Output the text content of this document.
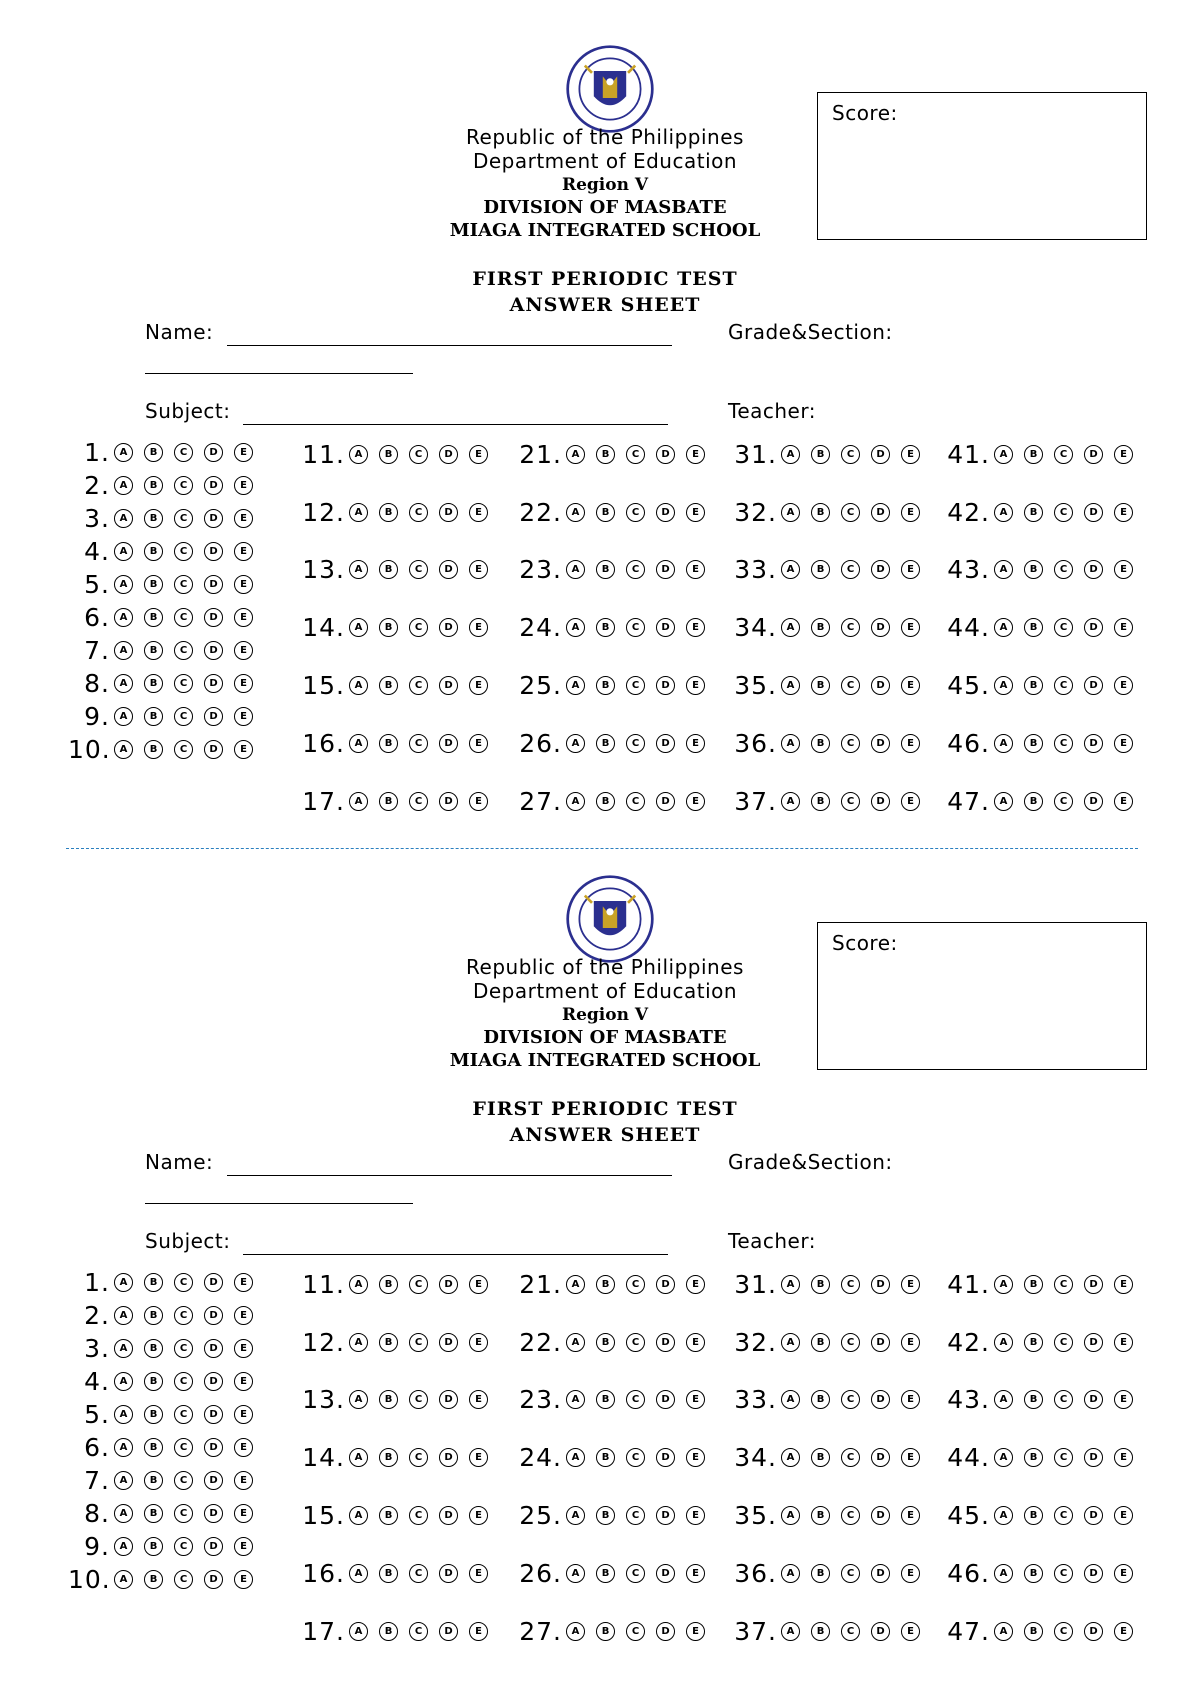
Republic of the Philippines
Department of Education
Region V
DIVISION OF MASBATE
MIAGA INTEGRATED SCHOOL
Score:
FIRST PERIODIC TEST
ANSWER SHEET
Name:	Grade&Section:
Subject:	Teacher:
1. A	B	C	D	E
2. A	B	C	D	E
3. A	B	C	D	E
4. A	B	C	D	E
5. A	B	C	D	E
6. A	B	C	D	E
7. A	B	C	D	E
8. A	B	C	D	E
9. A	B	C	D	E
10. A	B	C	D	E
11. A	B	C	D	E
12. A	B	C	D	E
13. A	B	C	D	E
14. A	B	C	D	E
15. A	B	C	D	E
16. A	B	C	D	E
17. A	B	C	D	E
21. A	B	C	D	E
22. A	B	C	D	E
23. A	B	C	D	E
24. A	B	C	D	E
25. A	B	C	D	E
26. A	B	C	D	E
27. A	B	C	D	E
31. A	B	C	D	E
32. A	B	C	D	E
33. A	B	C	D	E
34. A	B	C	D	E
35. A	B	C	D	E
36. A	B	C	D	E
37. A	B	C	D	E
41. A	B	C	D	E
42. A	B	C	D	E
43. A	B	C	D	E
44. A	B	C	D	E
45. A	B	C	D	E
46. A	B	C	D	E
47. A	B	C	D	E
Republic of the Philippines
Department of Education
Region V
DIVISION OF MASBATE
MIAGA INTEGRATED SCHOOL
Score:
FIRST PERIODIC TEST
ANSWER SHEET
Name:	Grade&Section:
Subject:	Teacher:
1. A	B	C	D	E
2. A	B	C	D	E
3. A	B	C	D	E
4. A	B	C	D	E
5. A	B	C	D	E
6. A	B	C	D	E
7. A	B	C	D	E
8. A	B	C	D	E
9. A	B	C	D	E
10. A	B	C	D	E
11. A	B	C	D	E
12. A	B	C	D	E
13. A	B	C	D	E
14. A	B	C	D	E
15. A	B	C	D	E
16. A	B	C	D	E
17. A	B	C	D	E
21. A	B	C	D	E
22. A	B	C	D	E
23. A	B	C	D	E
24. A	B	C	D	E
25. A	B	C	D	E
26. A	B	C	D	E
27. A	B	C	D	E
31. A	B	C	D	E
32. A	B	C	D	E
33. A	B	C	D	E
34. A	B	C	D	E
35. A	B	C	D	E
36. A	B	C	D	E
37. A	B	C	D	E
41. A	B	C	D	E
42. A	B	C	D	E
43. A	B	C	D	E
44. A	B	C	D	E
45. A	B	C	D	E
46. A	B	C	D	E
47. A	B	C	D	E
